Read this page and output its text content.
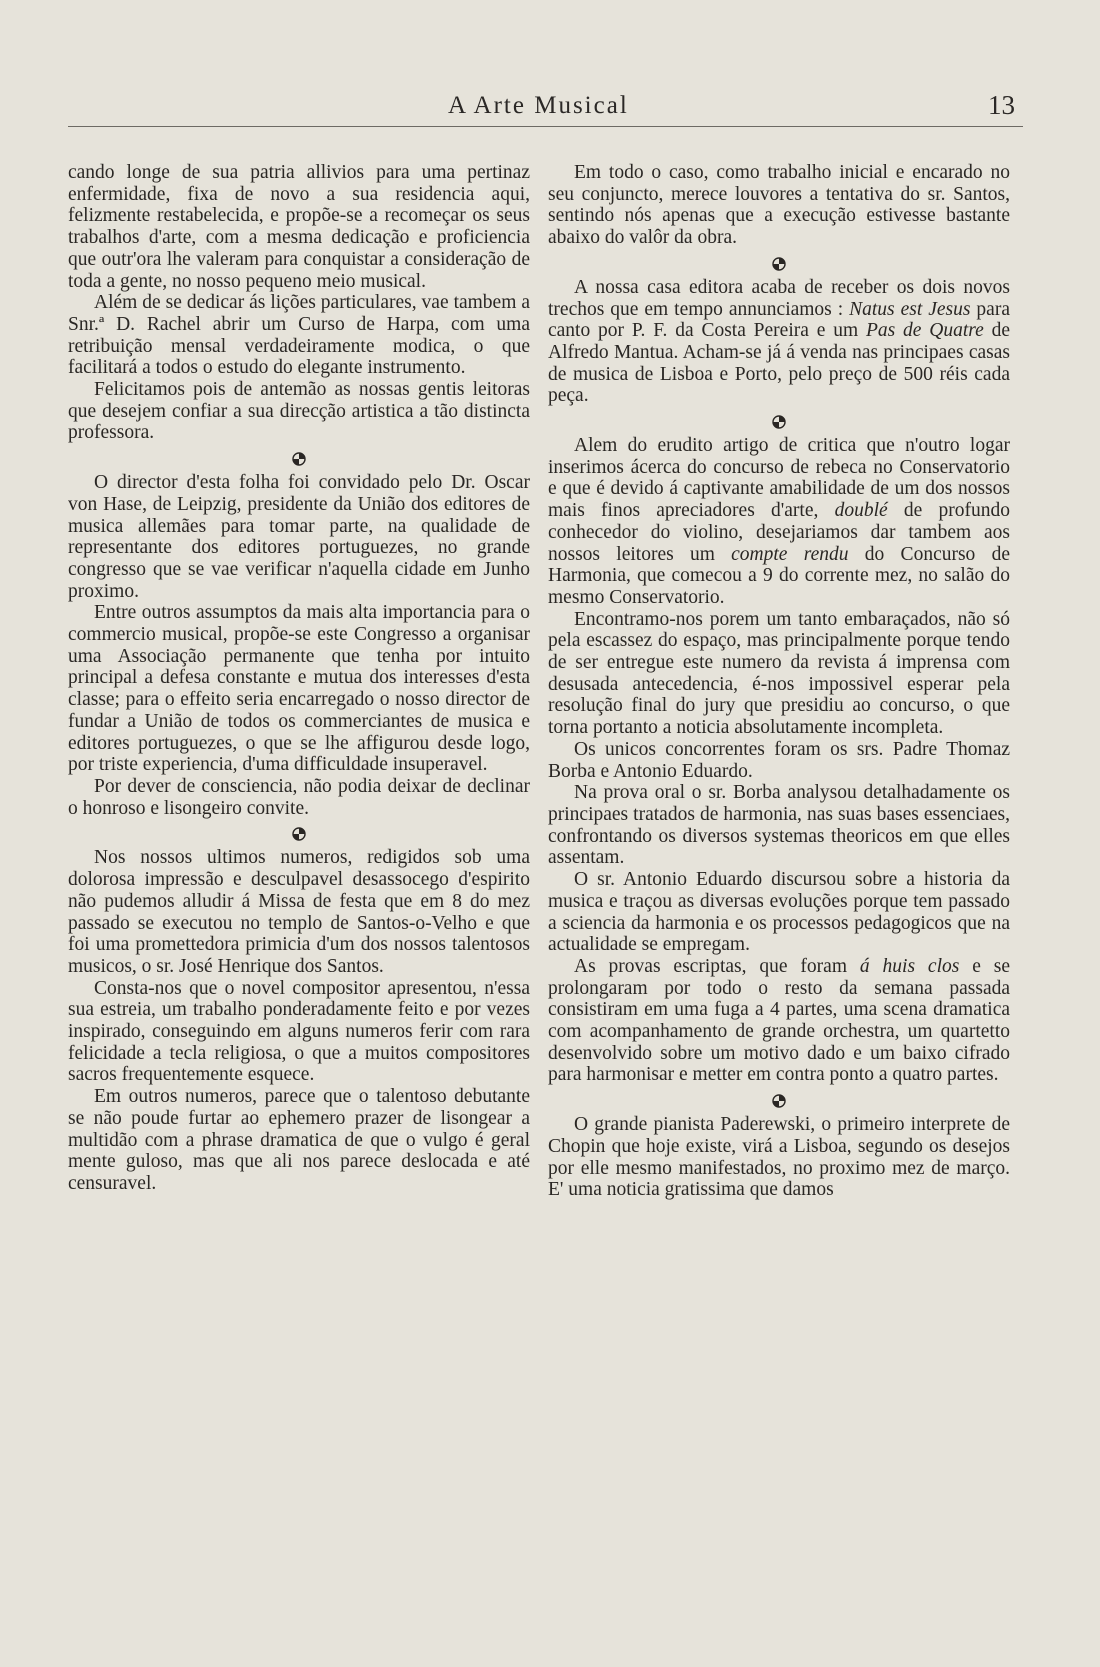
A Arte Musical	13

cando longe de sua patria allivios para uma pertinaz enfermidade, fixa de novo a sua residencia aqui, felizmente restabelecida, e propõe-se a recomeçar os seus trabalhos d'arte, com a mesma dedicação e proficiencia que outr'ora lhe valeram para conquistar a consideração de toda a gente, no nosso pequeno meio musical.

Além de se dedicar ás lições particulares, vae tambem a Snr.ª D. Rachel abrir um Curso de Harpa, com uma retribuição mensal verdadeiramente modica, o que facilitará a todos o estudo do elegante instrumento.

Felicitamos pois de antemão as nossas gentis leitoras que desejem confiar a sua direcção artistica a tão distincta professora.

O director d'esta folha foi convidado pelo Dr. Oscar von Hase, de Leipzig, presidente da União dos editores de musica allemães para tomar parte, na qualidade de representante dos editores portuguezes, no grande congresso que se vae verificar n'aquella cidade em Junho proximo.

Entre outros assumptos da mais alta importancia para o commercio musical, propõe-se este Congresso a organisar uma Associação permanente que tenha por intuito principal a defesa constante e mutua dos interesses d'esta classe; para o effeito seria encarregado o nosso director de fundar a União de todos os commerciantes de musica e editores portuguezes, o que se lhe affigurou desde logo, por triste experiencia, d'uma difficuldade insuperavel.

Por dever de consciencia, não podia deixar de declinar o honroso e lisongeiro convite.

Nos nossos ultimos numeros, redigidos sob uma dolorosa impressão e desculpavel desassocego d'espirito não pudemos alludir á Missa de festa que em 8 do mez passado se executou no templo de Santos-o-Velho e que foi uma promettedora primicia d'um dos nossos talentosos musicos, o sr. José Henrique dos Santos.

Consta-nos que o novel compositor apresentou, n'essa sua estreia, um trabalho ponderadamente feito e por vezes inspirado, conseguindo em alguns numeros ferir com rara felicidade a tecla religiosa, o que a muitos compositores sacros frequentemente esquece.

Em outros numeros, parece que o talentoso debutante se não poude furtar ao ephemero prazer de lisongear a multidão com a phrase dramatica de que o vulgo é geral mente guloso, mas que ali nos parece deslocada e até censuravel.

Em todo o caso, como trabalho inicial e encarado no seu conjuncto, merece louvores a tentativa do sr. Santos, sentindo nós apenas que a execução estivesse bastante abaixo do valôr da obra.

A nossa casa editora acaba de receber os dois novos trechos que em tempo annunciamos : Natus est Jesus para canto por P. F. da Costa Pereira e um Pas de Quatre de Alfredo Mantua. Acham-se já á venda nas principaes casas de musica de Lisboa e Porto, pelo preço de 500 réis cada peça.

Alem do erudito artigo de critica que n'outro logar inserimos ácerca do concurso de rebeca no Conservatorio e que é devido á captivante amabilidade de um dos nossos mais finos apreciadores d'arte, doublé de profundo conhecedor do violino, desejariamos dar tambem aos nossos leitores um compte rendu do Concurso de Harmonia, que comecou a 9 do corrente mez, no salão do mesmo Conservatorio.

Encontramo-nos porem um tanto embaraçados, não só pela escassez do espaço, mas principalmente porque tendo de ser entregue este numero da revista á imprensa com desusada antecedencia, é-nos impossivel esperar pela resolução final do jury que presidiu ao concurso, o que torna portanto a noticia absolutamente incompleta.

Os unicos concorrentes foram os srs. Padre Thomaz Borba e Antonio Eduardo.

Na prova oral o sr. Borba analysou detalhadamente os principaes tratados de harmonia, nas suas bases essenciaes, confrontando os diversos systemas theoricos em que elles assentam.

O sr. Antonio Eduardo discursou sobre a historia da musica e traçou as diversas evoluções porque tem passado a sciencia da harmonia e os processos pedagogicos que na actualidade se empregam.

As provas escriptas, que foram á huis clos e se prolongaram por todo o resto da semana passada consistiram em uma fuga a 4 partes, uma scena dramatica com acompanhamento de grande orchestra, um quartetto desenvolvido sobre um motivo dado e um baixo cifrado para harmonisar e metter em contra ponto a quatro partes.

O grande pianista Paderewski, o primeiro interprete de Chopin que hoje existe, virá a Lisboa, segundo os desejos por elle mesmo manifestados, no proximo mez de março. E' uma noticia gratissima que damos
